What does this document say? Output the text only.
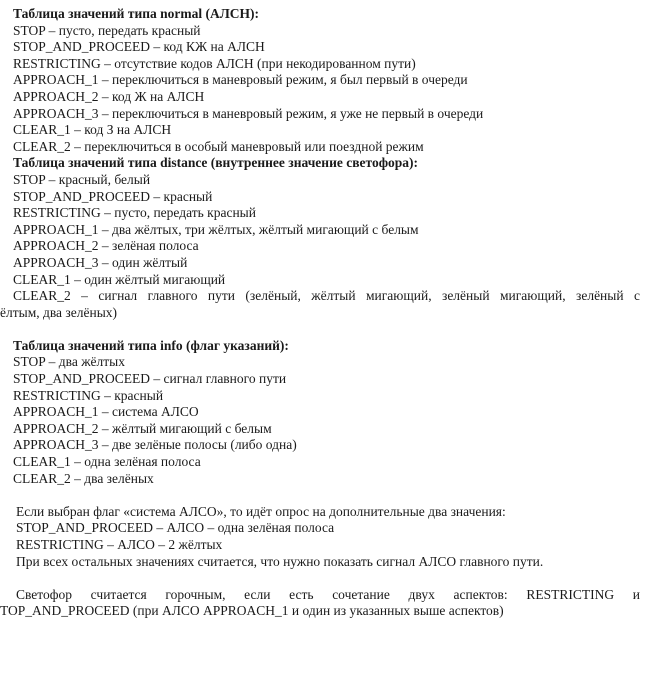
Таблица значений типа normal (АЛСН):
STOP – пусто, передать красный
STOP_AND_PROCEED – код КЖ на АЛСН
RESTRICTING – отсутствие кодов АЛСН (при некодированном пути)
APPROACH_1 – переключиться в маневровый режим, я был первый в очереди
APPROACH_2 – код Ж на АЛСН
APPROACH_3 – переключиться в маневровый режим, я уже не первый в очереди
CLEAR_1 – код З на АЛСН
CLEAR_2 – переключиться в особый маневровый или поездной режим
Таблица значений типа distance (внутреннее значение светофора):
STOP – красный, белый
STOP_AND_PROCEED – красный
RESTRICTING – пусто, передать красный
APPROACH_1 – два жёлтых, три жёлтых, жёлтый мигающий с белым
APPROACH_2 – зелёная полоса
APPROACH_3 – один жёлтый
CLEAR_1 – один жёлтый мигающий
CLEAR_2 – сигнал главного пути (зелёный, жёлтый мигающий, зелёный мигающий, зелёный с
ёлтым, два зелёных)
Таблица значений типа info (флаг указаний):
STOP – два жёлтых
STOP_AND_PROCEED – сигнал главного пути
RESTRICTING – красный
APPROACH_1 – система АЛСО
APPROACH_2 – жёлтый мигающий с белым
APPROACH_3 – две зелёные полосы (либо одна)
CLEAR_1 – одна зелёная полоса
CLEAR_2 – два зелёных
Если выбран флаг «система АЛСО», то идёт опрос на дополнительные два значения:
STOP_AND_PROCEED – АЛСО – одна зелёная полоса
RESTRICTING – АЛСО – 2 жёлтых
При всех остальных значениях считается, что нужно показать сигнал АЛСО главного пути.
Светофор считается горочным, если есть сочетание двух аспектов: RESTRICTING и
TOP_AND_PROCEED (при АЛСО APPROACH_1 и один из указанных выше аспектов)
